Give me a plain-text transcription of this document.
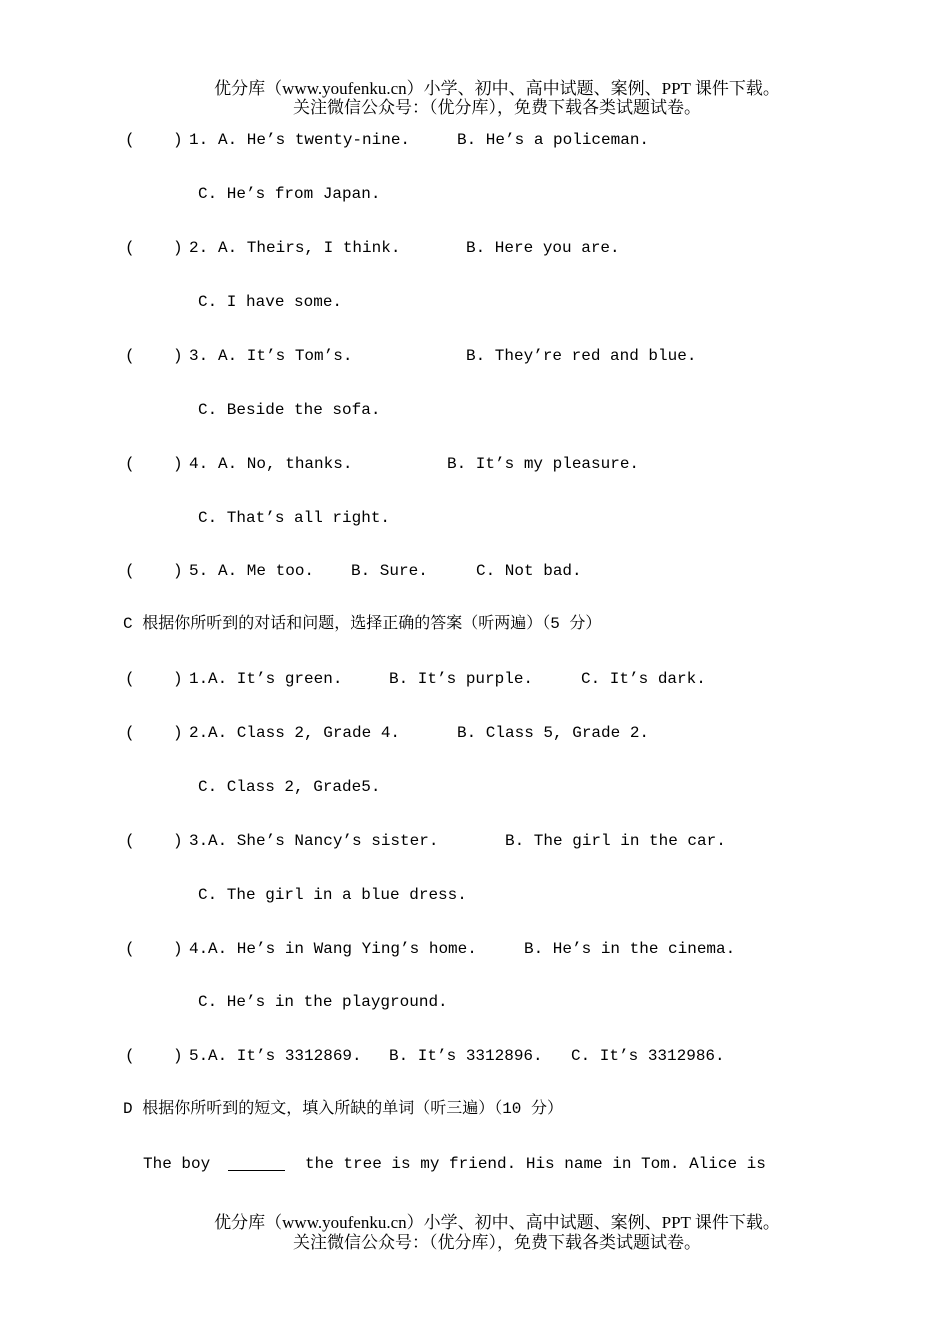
优分库（www.youfenku.cn）小学、初中、高中试题、案例、PPT 课件下载。
关注微信公众号：（优分库），免费下载各类试题试卷。
(    ) 1. A. He’s twenty-nine.	B. He’s a policeman.
C. He’s from Japan.
(    ) 2. A. Theirs, I think.	B. Here you are.
C. I have some.
(    ) 3. A. It’s Tom’s.	B. They’re red and blue.
C. Beside the sofa.
(    ) 4. A. No, thanks.	B. It’s my pleasure.
C. That’s all right.
(    ) 5. A. Me too. B. Sure.	C. Not bad.
C 根据你所听到的对话和问题，选择正确的答案（听两遍）（5 分）
(    ) 1. A. It’s green.	B. It’s purple.	C. It’s dark.
(    ) 2. A. Class 2, Grade 4.	B. Class 5, Grade 2.
C. Class 2, Grade5.
(    ) 3. A. She’s Nancy’s sister.	B. The girl in the car.
C. The girl in a blue dress.
(    ) 4. A. He’s in Wang Ying’s home.	B. He’s in the cinema.
C. He’s in the playground.
(    ) 5. A. It’s 3312869. B. It’s 3312896. C. It’s 3312986.
D 根据你所听到的短文，填入所缺的单词（听三遍）（10 分）
The boy	the tree is my friend. His name in Tom. Alice is
优分库（www.youfenku.cn）小学、初中、高中试题、案例、PPT 课件下载。
关注微信公众号：（优分库），免费下载各类试题试卷。
